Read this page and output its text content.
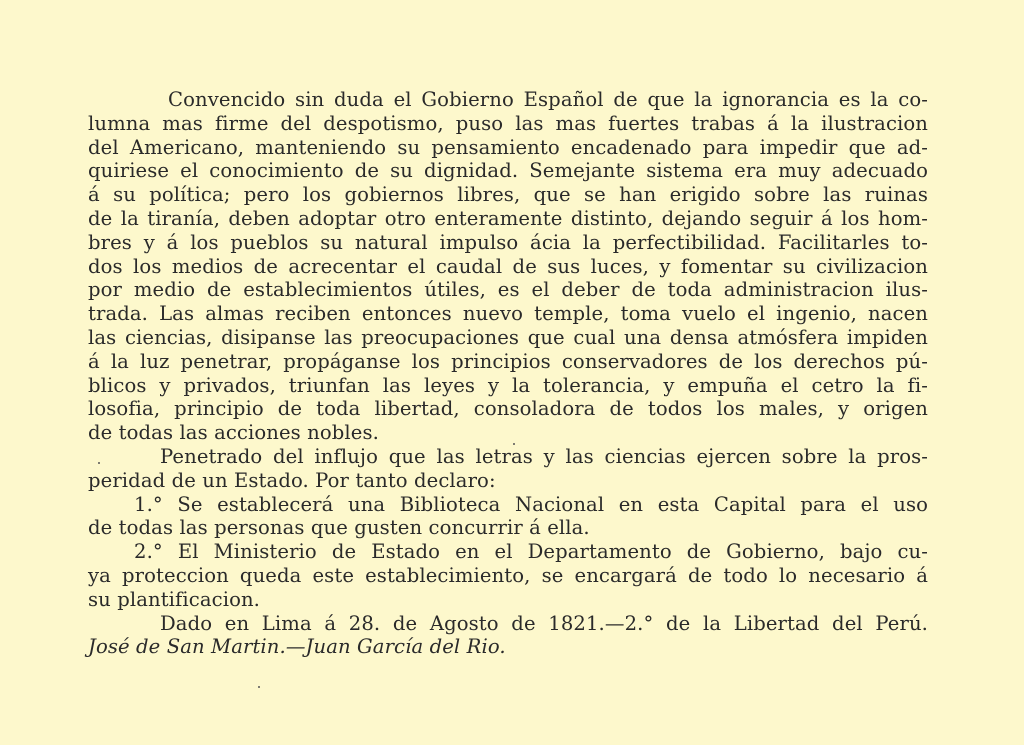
Convencido sin duda el Gobierno Español de que la ignorancia es la co-
lumna mas firme del despotismo, puso las mas fuertes trabas á la ilustracion
del Americano, manteniendo su pensamiento encadenado para impedir que ad-
quiriese el conocimiento de su dignidad. Semejante sistema era muy adecuado
á su política; pero los gobiernos libres, que se han erigido sobre las ruinas
de la tiranía, deben adoptar otro enteramente distinto, dejando seguir á los hom-
bres y á los pueblos su natural impulso ácia la perfectibilidad. Facilitarles to-
dos los medios de acrecentar el caudal de sus luces, y fomentar su civilizacion
por medio de establecimientos útiles, es el deber de toda administracion ilus-
trada. Las almas reciben entonces nuevo temple, toma vuelo el ingenio, nacen
las ciencias, disipanse las preocupaciones que cual una densa atmósfera impiden
á la luz penetrar, propáganse los principios conservadores de los derechos pú-
blicos y privados, triunfan las leyes y la tolerancia, y empuña el cetro la fi-
losofia, principio de toda libertad, consoladora de todos los males, y origen
de todas las acciones nobles.
Penetrado del influjo que las letras y las ciencias ejercen sobre la pros-
peridad de un Estado. Por tanto declaro:
1.° Se establecerá una Biblioteca Nacional en esta Capital para el uso
de todas las personas que gusten concurrir á ella.
2.° El Ministerio de Estado en el Departamento de Gobierno, bajo cu-
ya proteccion queda este establecimiento, se encargará de todo lo necesario á
su plantificacion.
Dado en Lima á 28. de Agosto de 1821.—2.° de la Libertad del Perú.
José de San Martin.—Juan García del Rio.
